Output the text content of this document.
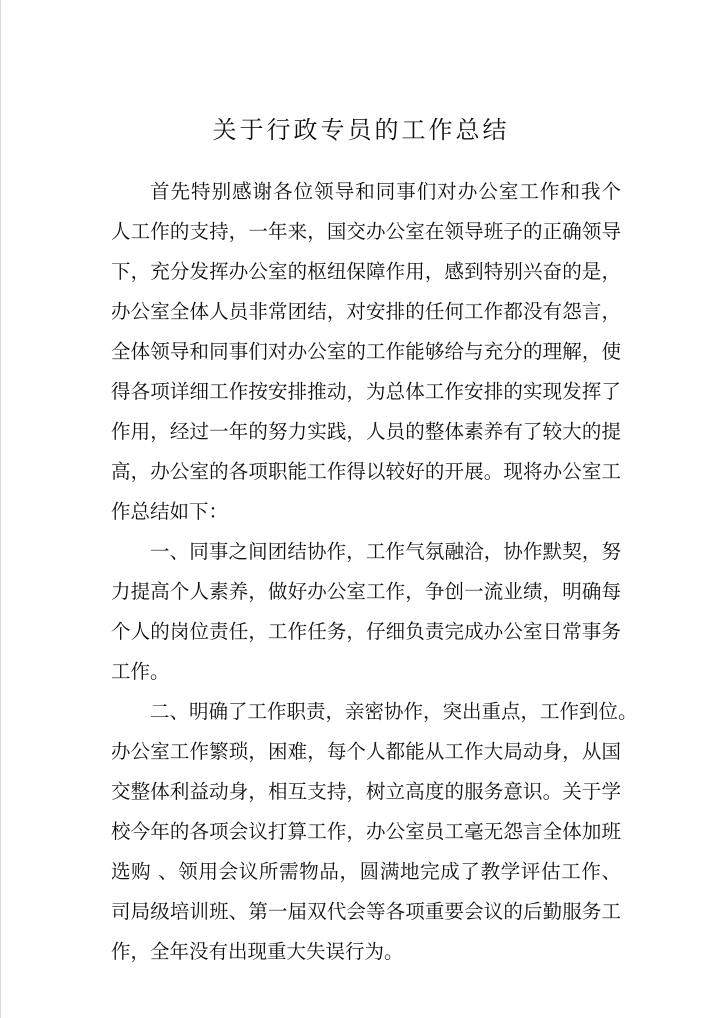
关于行政专员的工作总结
首先特别感谢各位领导和同事们对办公室工作和我个
人工作的支持，一年来，国交办公室在领导班子的正确领导
下，充分发挥办公室的枢纽保障作用，感到特别兴奋的是，
办公室全体人员非常团结，对安排的任何工作都没有怨言，
全体领导和同事们对办公室的工作能够给与充分的理解，使
得各项详细工作按安排推动，为总体工作安排的实现发挥了
作用，经过一年的努力实践，人员的整体素养有了较大的提
高，办公室的各项职能工作得以较好的开展。现将办公室工
作总结如下：
一、同事之间团结协作，工作气氛融洽，协作默契，努
力提高个人素养，做好办公室工作，争创一流业绩，明确每
个人的岗位责任，工作任务，仔细负责完成办公室日常事务
工作。
二、明确了工作职责，亲密协作，突出重点，工作到位。
办公室工作繁琐，困难，每个人都能从工作大局动身，从国
交整体利益动身，相互支持，树立高度的服务意识。关于学
校今年的各项会议打算工作，办公室员工毫无怨言全体加班
选购 、领用会议所需物品，圆满地完成了教学评估工作、
司局级培训班、第一届双代会等各项重要会议的后勤服务工
作，全年没有出现重大失误行为。
